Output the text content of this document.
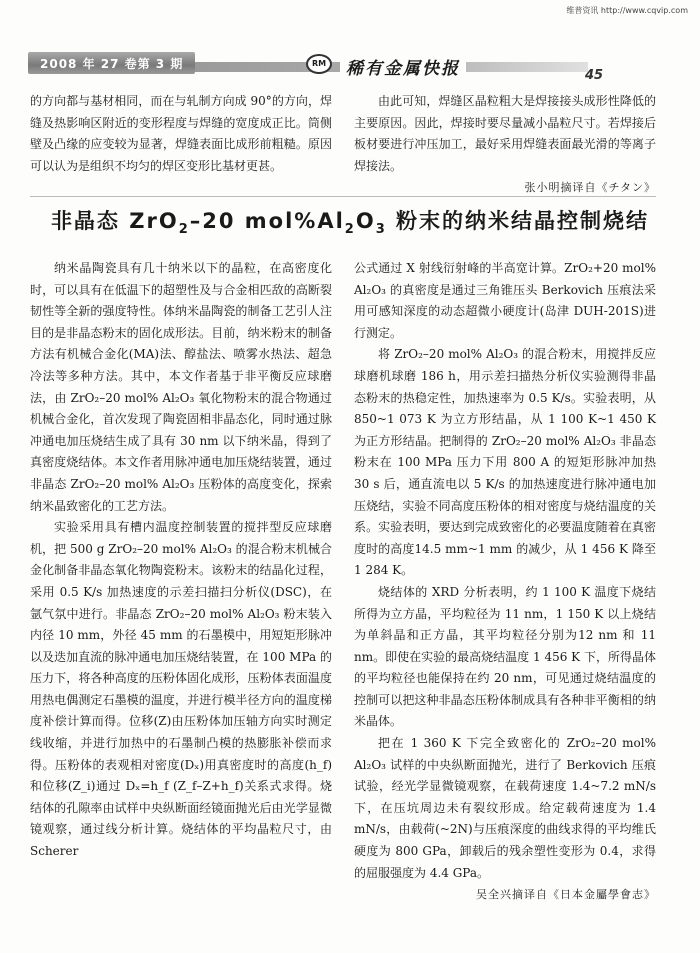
维普资讯 http://www.cqvip.com
2008 年 27 卷第 3 期	RM	稀有金属快报	45

的方向都与基材相同，而在与轧制方向成 90°的方向，焊缝及热影响区附近的变形程度与焊缝的宽度成正比。筒侧壁及凸缘的应变较为显著，焊缝表面比成形前粗糙。原因可以认为是组织不均匀的焊区变形比基材更甚。

由此可知，焊缝区晶粒粗大是焊接接头成形性降低的主要原因。因此，焊接时要尽量减小晶粒尺寸。若焊接后板材要进行冲压加工，最好采用焊缝表面最光滑的等离子焊接法。

张小明摘译自《チタン》

非晶态 ZrO$_2$–20 $mol\%Al_2O_3$ 粉末的纳米结晶控制烧结

纳米晶陶瓷具有几十纳米以下的晶粒，在高密度化时，可以具有在低温下的超塑性及与合金相匹敌的高断裂韧性等全新的强度特性。体纳米晶陶瓷的制备工艺引人注目的是非晶态粉末的固化成形法。目前，纳米粉末的制备方法有机械合金化(MA)法、醇盐法、喷雾水热法、超急冷法等多种方法。其中，本文作者基于非平衡反应球磨法，由 ZrO₂–20 mol% Al₂O₃ 氧化物粉末的混合物通过机械合金化，首次发现了陶瓷固相非晶态化，同时通过脉冲通电加压烧结生成了具有 30 nm 以下纳米晶，得到了真密度烧结体。本文作者用脉冲通电加压烧结装置，通过非晶态 ZrO₂–20 mol% Al₂O₃ 压粉体的高度变化，探索纳米晶致密化的工艺方法。

实验采用具有槽内温度控制装置的搅拌型反应球磨机，把 500 g ZrO₂–20 mol% Al₂O₃ 的混合粉末机械合金化制备非晶态氧化物陶瓷粉末。该粉末的结晶化过程，采用 0.5 K/s 加热速度的示差扫描扫分析仪(DSC)，在氩气氛中进行。非晶态 ZrO₂–20 mol% Al₂O₃ 粉末装入内径 10 mm，外径 45 mm 的石墨模中，用短矩形脉冲以及迭加直流的脉冲通电加压烧结装置，在 100 MPa 的压力下，将各种高度的压粉体固化成形，压粉体表面温度用热电偶测定石墨模的温度，并进行模半径方向的温度梯度补偿计算而得。位移(Z)由压粉体加压轴方向实时测定线收缩，并进行加热中的石墨制凸模的热膨胀补偿而求得。压粉体的表观相对密度(Dₓ)用真密度时的高度(h_f)和位移(Z_i)通过 Dₓ=h_f (Z_f–Z+h_f)关系式求得。烧结体的孔隙率由试样中央纵断面经镜面抛光后由光学显微镜观察，通过线分析计算。烧结体的平均晶粒尺寸，由 Scherer

公式通过 X 射线衍射峰的半高宽计算。ZrO₂+20 mol% Al₂O₃ 的真密度是通过三角锥压头 Berkovich 压痕法采用可感知深度的动态超微小硬度计(岛津 DUH-201S)进行测定。

将 ZrO₂–20 mol% Al₂O₃ 的混合粉末，用搅拌反应球磨机球磨 186 h，用示差扫描热分析仪实验测得非晶态粉末的热稳定性，加热速率为 0.5 K/s。实验表明，从 850~1 073 K 为立方形结晶，从 1 100 K~1 450 K 为正方形结晶。把制得的 ZrO₂–20 mol% Al₂O₃ 非晶态粉末在 100 MPa 压力下用 800 A 的短矩形脉冲加热 30 s 后，通直流电以 5 K/s 的加热速度进行脉冲通电加压烧结，实验不同高度压粉体的相对密度与烧结温度的关系。实验表明，要达到完成致密化的必要温度随着在真密度时的高度14.5 mm~1 mm 的减少，从 1 456 K 降至 1 284 K。

烧结体的 XRD 分析表明，约 1 100 K 温度下烧结所得为立方晶，平均粒径为 11 nm，1 150 K 以上烧结为单斜晶和正方晶，其平均粒径分别为12 nm 和 11 nm。即使在实验的最高烧结温度 1 456 K 下，所得晶体的平均粒径也能保持在约 20 nm，可见通过烧结温度的控制可以把这种非晶态压粉体制成具有各种非平衡相的纳米晶体。

把在 1 360 K 下完全致密化的 ZrO₂–20 mol% Al₂O₃ 试样的中央纵断面抛光，进行了 Berkovich 压痕试验，经光学显微镜观察，在载荷速度 1.4~7.2 mN/s 下，在压坑周边未有裂纹形成。给定载荷速度为 1.4 mN/s，由载荷(~2N)与压痕深度的曲线求得的平均维氏硬度为 800 GPa，卸载后的残余塑性变形为 0.4，求得的屈服强度为 4.4 GPa。

吴全兴摘译自《日本金屬學會志》
